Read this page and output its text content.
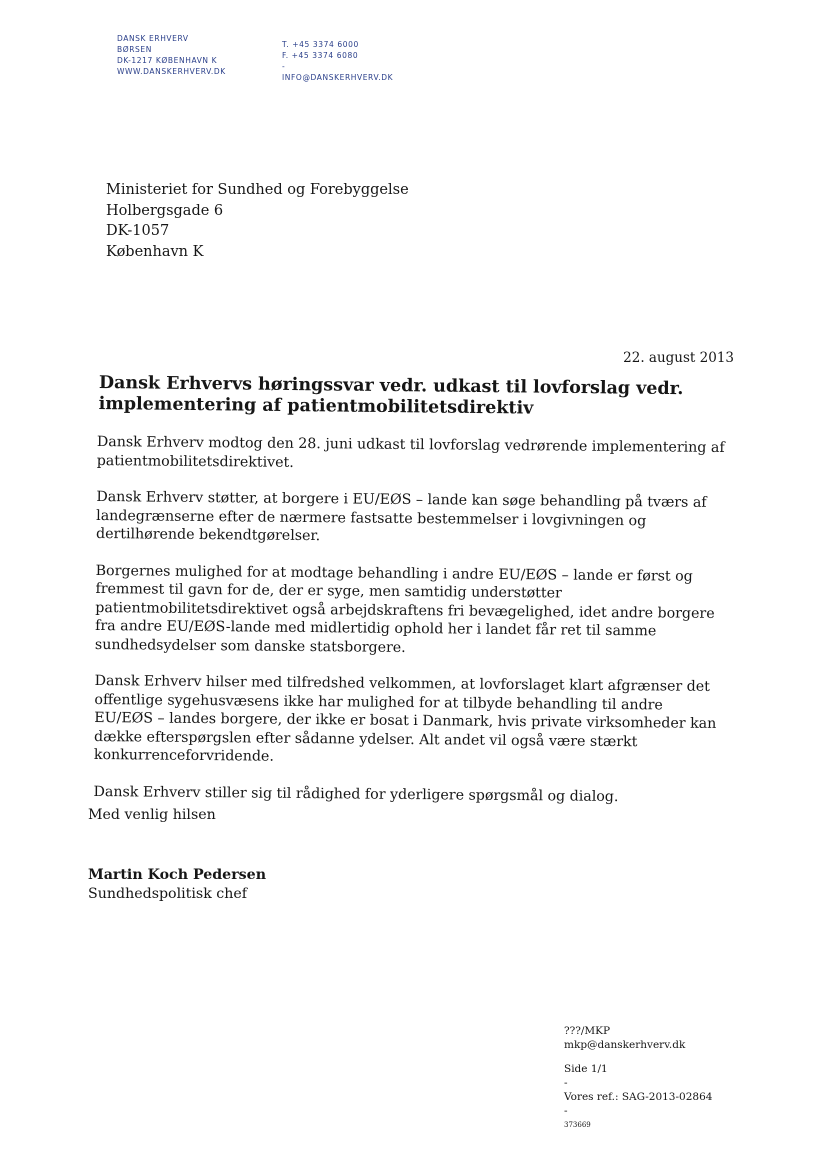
DANSK ERHVERV
BØRSEN
DK-1217 KØBENHAVN K
WWW.DANSKERHVERV.DK
T. +45 3374 6000
F. +45 3374 6080
-
INFO@DANSKERHVERV.DK
Ministeriet for Sundhed og Forebyggelse
Holbergsgade 6
DK-1057
København K
22. august 2013
Dansk Erhvervs høringssvar vedr. udkast til lovforslag vedr. implementering af patientmobilitetsdirektiv

Dansk Erhverv modtog den 28. juni udkast til lovforslag vedrørende implementering af patientmobilitetsdirektivet.

Dansk Erhverv støtter, at borgere i EU/EØS – lande kan søge behandling på tværs af landegrænserne efter de nærmere fastsatte bestemmelser i lovgivningen og dertilhørende bekendtgørelser.

Borgernes mulighed for at modtage behandling i andre EU/EØS – lande er først og fremmest til gavn for de, der er syge, men samtidig understøtter patientmobilitetsdirektivet også arbejdskraftens fri bevægelighed, idet andre borgere fra andre EU/EØS-lande med midlertidig ophold her i landet får ret til samme sundhedsydelser som danske statsborgere.

Dansk Erhverv hilser med tilfredshed velkommen, at lovforslaget klart afgrænser det offentlige sygehusvæsens ikke har mulighed for at tilbyde behandling til andre EU/EØS – landes borgere, der ikke er bosat i Danmark, hvis private virksomheder kan dække efterspørgslen efter sådanne ydelser. Alt andet vil også være stærkt konkurrenceforvridende.

Dansk Erhverv stiller sig til rådighed for yderligere spørgsmål og dialog.

Med venlig hilsen
Martin Koch Pedersen
Sundhedspolitisk chef
???/MKP
mkp@danskerhverv.dk
Side 1/1
-
Vores ref.: SAG-2013-02864
-
373669
